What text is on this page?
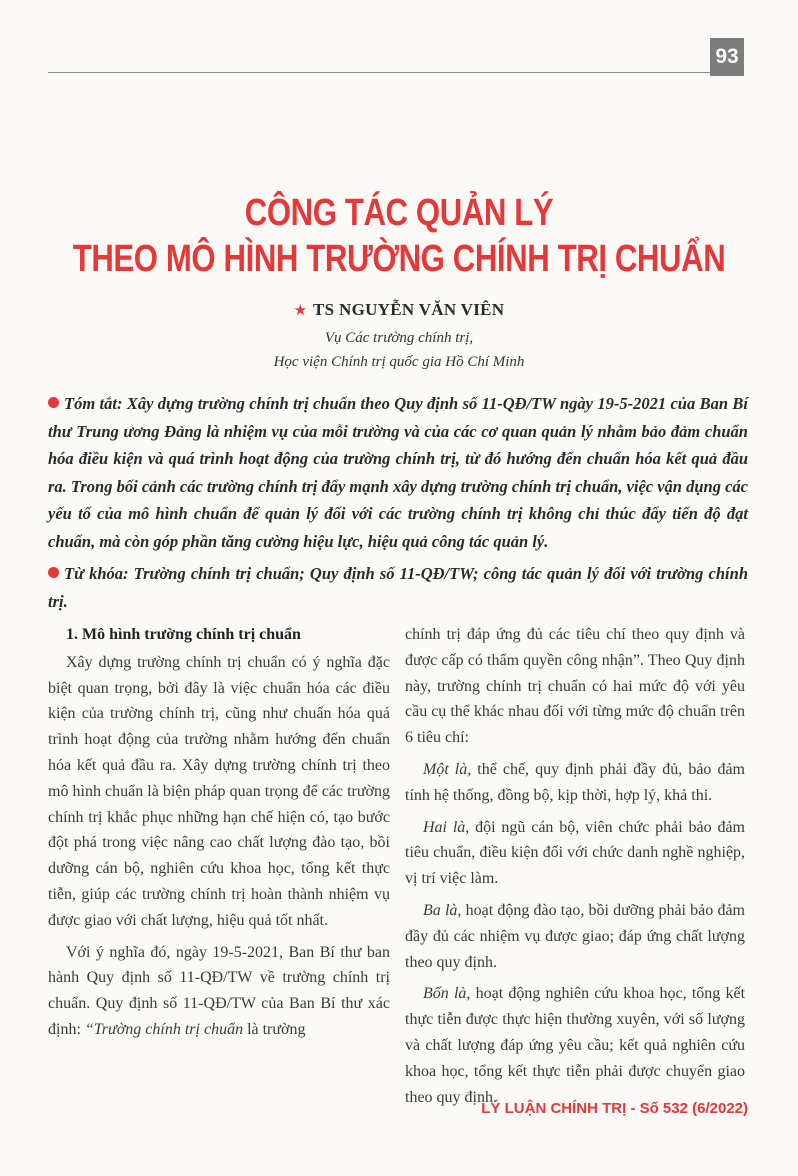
93
CÔNG TÁC QUẢN LÝ
THEO MÔ HÌNH TRƯỜNG CHÍNH TRỊ CHUẨN
★ TS NGUYỄN VĂN VIÊN
Vụ Các trường chính trị,
Học viện Chính trị quốc gia Hồ Chí Minh

Tóm tắt: Xây dựng trường chính trị chuẩn theo Quy định số 11-QĐ/TW ngày 19-5-2021 của Ban Bí thư Trung ương Đảng là nhiệm vụ của mỗi trường và của các cơ quan quản lý nhằm bảo đảm chuẩn hóa điều kiện và quá trình hoạt động của trường chính trị, từ đó hướng đến chuẩn hóa kết quả đầu ra. Trong bối cảnh các trường chính trị đẩy mạnh xây dựng trường chính trị chuẩn, việc vận dụng các yếu tố của mô hình chuẩn để quản lý đối với các trường chính trị không chỉ thúc đẩy tiến độ đạt chuẩn, mà còn góp phần tăng cường hiệu lực, hiệu quả công tác quản lý.

Từ khóa: Trường chính trị chuẩn; Quy định số 11-QĐ/TW; công tác quản lý đối với trường chính trị.

1. Mô hình trường chính trị chuẩn

Xây dựng trường chính trị chuẩn có ý nghĩa đặc biệt quan trọng, bởi đây là việc chuẩn hóa các điều kiện của trường chính trị, cũng như chuẩn hóa quá trình hoạt động của trường nhằm hướng đến chuẩn hóa kết quả đầu ra. Xây dựng trường chính trị theo mô hình chuẩn là biện pháp quan trọng để các trường chính trị khắc phục những hạn chế hiện có, tạo bước đột phá trong việc nâng cao chất lượng đào tạo, bồi dưỡng cán bộ, nghiên cứu khoa học, tổng kết thực tiễn, giúp các trường chính trị hoàn thành nhiệm vụ được giao với chất lượng, hiệu quả tốt nhất.

Với ý nghĩa đó, ngày 19-5-2021, Ban Bí thư ban hành Quy định số 11-QĐ/TW về trường chính trị chuẩn. Quy định số 11-QĐ/TW của Ban Bí thư xác định: “Trường chính trị chuẩn là trường

chính trị đáp ứng đủ các tiêu chí theo quy định và được cấp có thẩm quyền công nhận”. Theo Quy định này, trường chính trị chuẩn có hai mức độ với yêu cầu cụ thể khác nhau đối với từng mức độ chuẩn trên 6 tiêu chí:

Một là, thể chế, quy định phải đầy đủ, bảo đảm tính hệ thống, đồng bộ, kịp thời, hợp lý, khả thi.

Hai là, đội ngũ cán bộ, viên chức phải bảo đảm tiêu chuẩn, điều kiện đối với chức danh nghề nghiệp, vị trí việc làm.

Ba là, hoạt động đào tạo, bồi dưỡng phải bảo đảm đầy đủ các nhiệm vụ được giao; đáp ứng chất lượng theo quy định.

Bốn là, hoạt động nghiên cứu khoa học, tổng kết thực tiễn được thực hiện thường xuyên, với số lượng và chất lượng đáp ứng yêu cầu; kết quả nghiên cứu khoa học, tổng kết thực tiễn phải được chuyển giao theo quy định.

LÝ LUẬN CHÍNH TRỊ - Số 532 (6/2022)
